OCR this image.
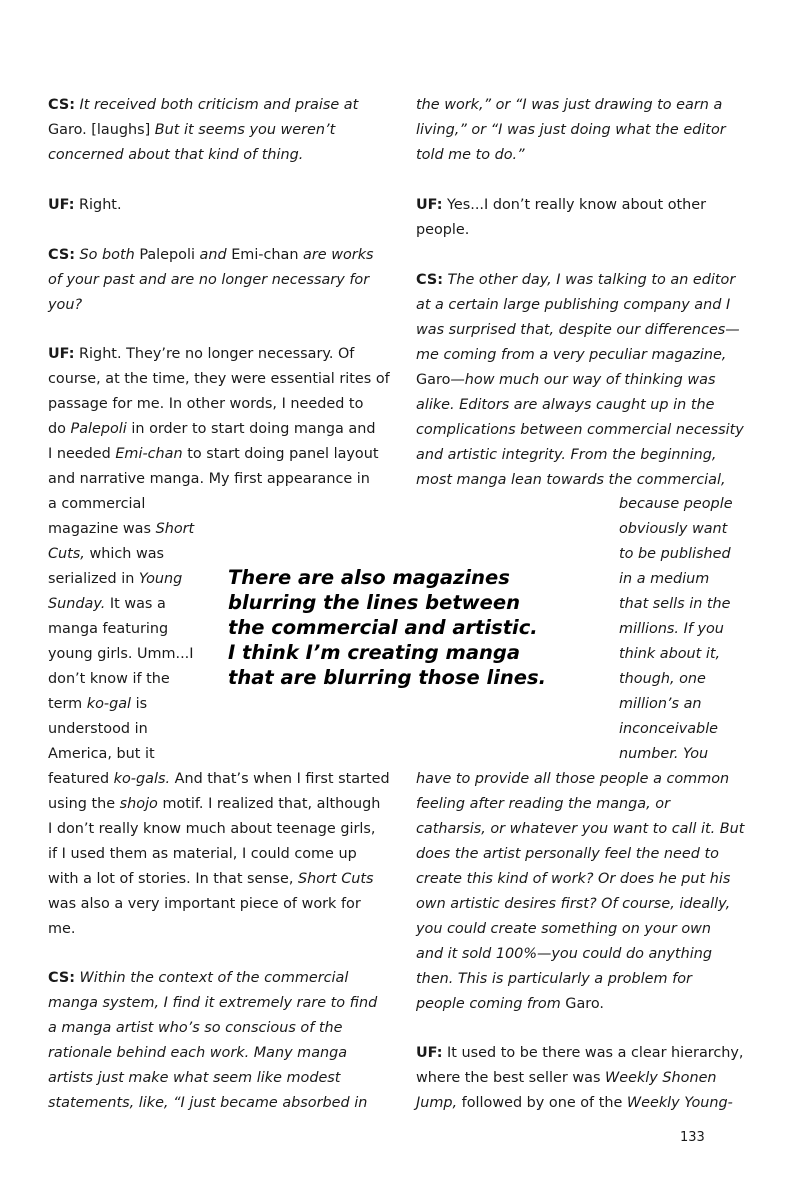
CS: It received both criticism and praise at
Garo. [laughs] But it seems you weren’t
concerned about that kind of thing.
UF: Right.
CS: So both Palepoli and Emi-chan are works
of your past and are no longer necessary for
you?
UF: Right. They’re no longer necessary. Of
course, at the time, they were essential rites of
passage for me. In other words, I needed to
do Palepoli in order to start doing manga and
I needed Emi-chan to start doing panel layout
and narrative manga. My first appearance in
a commercial
magazine was Short
Cuts, which was
serialized in Young
Sunday. It was a
manga featuring
young girls. Umm...I
don’t know if the
term ko-gal is
understood in
America, but it
featured ko-gals. And that’s when I first started
using the shojo motif. I realized that, although
I don’t really know much about teenage girls,
if I used them as material, I could come up
with a lot of stories. In that sense, Short Cuts
was also a very important piece of work for
me.
CS: Within the context of the commercial
manga system, I find it extremely rare to find
a manga artist who’s so conscious of the
rationale behind each work. Many manga
artists just make what seem like modest
statements, like, “I just became absorbed in
the work,” or “I was just drawing to earn a
living,” or “I was just doing what the editor
told me to do.”
UF: Yes...I don’t really know about other
people.
CS: The other day, I was talking to an editor
at a certain large publishing company and I
was surprised that, despite our differences—
me coming from a very peculiar magazine,
Garo—how much our way of thinking was
alike. Editors are always caught up in the
complications between commercial necessity
and artistic integrity. From the beginning,
most manga lean towards the commercial,
because people
obviously want
to be published
in a medium
that sells in the
millions. If you
think about it,
though, one
million’s an
inconceivable
number. You
have to provide all those people a common
feeling after reading the manga, or
catharsis, or whatever you want to call it. But
does the artist personally feel the need to
create this kind of work? Or does he put his
own artistic desires first? Of course, ideally,
you could create something on your own
and it sold 100%—you could do anything
then. This is particularly a problem for
people coming from Garo.
UF: It used to be there was a clear hierarchy,
where the best seller was Weekly Shonen
Jump, followed by one of the Weekly Young-
There are also magazines
blurring the lines between
the commercial and artistic.
I think I’m creating manga
that are blurring those lines.
133
